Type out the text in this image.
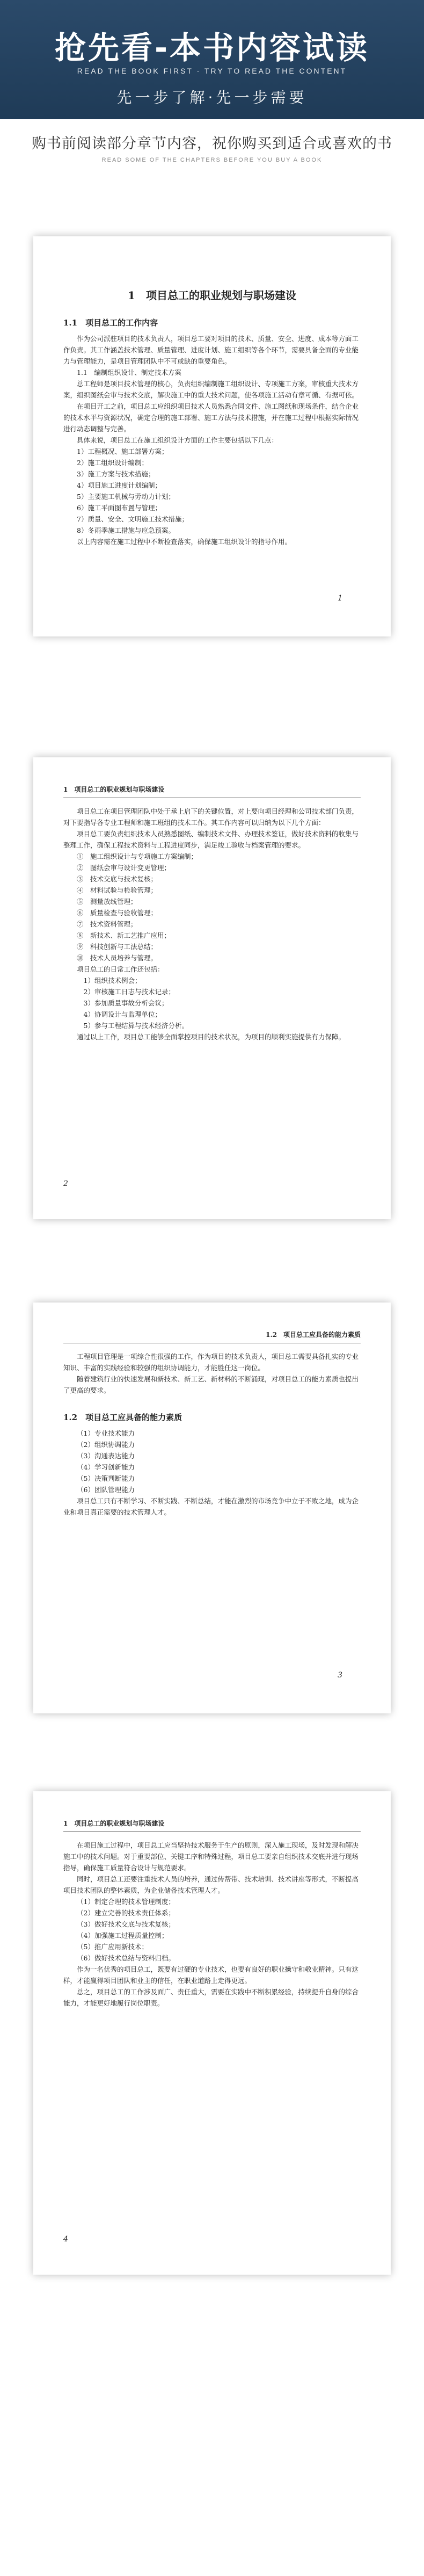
抢先看-本书内容试读
READ THE BOOK FIRST · TRY TO READ THE CONTENT
先一步了解·先一步需要
购书前阅读部分章节内容，祝你购买到适合或喜欢的书
READ SOME OF THE CHAPTERS BEFORE YOU BUY A BOOK

1　项目总工的职业规划与职场建设

1.1　项目总工的工作内容

作为公司派驻项目的技术负责人，项目总工要对项目的技术、质量、安全、进度、成本等方面工作负责。其工作涵盖技术管理、质量管理、进度计划、施工组织等各个环节，需要具备全面的专业能力与管理能力，是项目管理团队中不可或缺的重要角色。

1.1　编制组织设计、制定技术方案

总工程师是项目技术管理的核心，负责组织编制施工组织设计、专项施工方案，审核重大技术方案，组织图纸会审与技术交底，解决施工中的重大技术问题，使各项施工活动有章可循、有据可依。

在项目开工之前，项目总工应组织项目技术人员熟悉合同文件、施工图纸和现场条件，结合企业的技术水平与资源状况，确定合理的施工部署、施工方法与技术措施，并在施工过程中根据实际情况进行动态调整与完善。

具体来说，项目总工在施工组织设计方面的工作主要包括以下几点：

1）工程概况、施工部署方案；

2）施工组织设计编制；

3）施工方案与技术措施；

4）项目施工进度计划编制；

5）主要施工机械与劳动力计划；

6）施工平面图布置与管理；

7）质量、安全、文明施工技术措施；

8）冬雨季施工措施与应急预案。

以上内容需在施工过程中不断检查落实，确保施工组织设计的指导作用。

1

1　项目总工的职业规划与职场建设

项目总工在项目管理团队中处于承上启下的关键位置，对上要向项目经理和公司技术部门负责，对下要指导各专业工程师和施工班组的技术工作。其工作内容可以归纳为以下几个方面：

项目总工要负责组织技术人员熟悉图纸、编制技术文件、办理技术签证，做好技术资料的收集与整理工作，确保工程技术资料与工程进度同步，满足竣工验收与档案管理的要求。

①　施工组织设计与专项施工方案编制；

②　图纸会审与设计变更管理；

③　技术交底与技术复核；

④　材料试验与检验管理；

⑤　测量放线管理；

⑥　质量检查与验收管理；

⑦　技术资料管理；

⑧　新技术、新工艺推广应用；

⑨　科技创新与工法总结；

⑩　技术人员培养与管理。

项目总工的日常工作还包括：

1）组织技术例会；

2）审核施工日志与技术记录；

3）参加质量事故分析会议；

4）协调设计与监理单位；

5）参与工程结算与技术经济分析。

通过以上工作，项目总工能够全面掌控项目的技术状况，为项目的顺利实施提供有力保障。

2

1.2　项目总工应具备的能力素质

工程项目管理是一项综合性很强的工作，作为项目的技术负责人，项目总工需要具备扎实的专业知识、丰富的实践经验和较强的组织协调能力，才能胜任这一岗位。

随着建筑行业的快速发展和新技术、新工艺、新材料的不断涌现，对项目总工的能力素质也提出了更高的要求。

1.2　项目总工应具备的能力素质

（1）专业技术能力

（2）组织协调能力

（3）沟通表达能力

（4）学习创新能力

（5）决策判断能力

（6）团队管理能力

项目总工只有不断学习、不断实践、不断总结，才能在激烈的市场竞争中立于不败之地，成为企业和项目真正需要的技术管理人才。

3

1　项目总工的职业规划与职场建设

在项目施工过程中，项目总工应当坚持技术服务于生产的原则，深入施工现场，及时发现和解决施工中的技术问题。对于重要部位、关键工序和特殊过程，项目总工要亲自组织技术交底并进行现场指导，确保施工质量符合设计与规范要求。

同时，项目总工还要注重技术人员的培养，通过传帮带、技术培训、技术讲座等形式，不断提高项目技术团队的整体素质，为企业储备技术管理人才。

（1）制定合理的技术管理制度；

（2）建立完善的技术责任体系；

（3）做好技术交底与技术复核；

（4）加强施工过程质量控制；

（5）推广应用新技术；

（6）做好技术总结与资料归档。

作为一名优秀的项目总工，既要有过硬的专业技术，也要有良好的职业操守和敬业精神。只有这样，才能赢得项目团队和业主的信任，在职业道路上走得更远。

总之，项目总工的工作涉及面广、责任重大，需要在实践中不断积累经验，持续提升自身的综合能力，才能更好地履行岗位职责。

4
